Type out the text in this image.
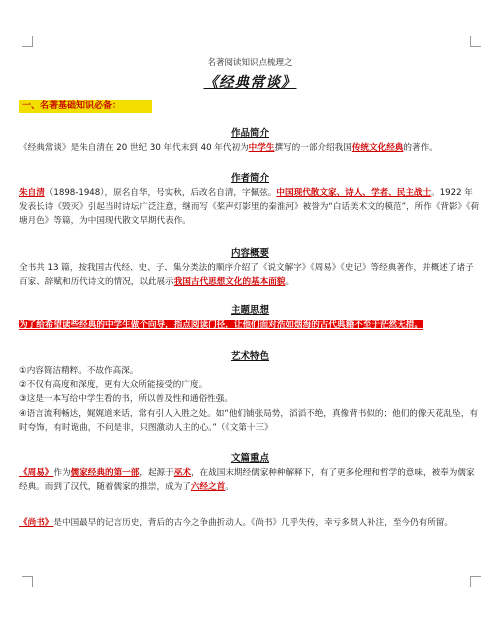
名著阅读知识点梳理之
《经典常谈》
一、名著基础知识必备：
作品简介
《经典常谈》是朱自清在 20 世纪 30 年代末到 40 年代初为中学生撰写的一部介绍我国传统文化经典的著作。
作者简介
朱自清（1898-1948），原名自华，号实秋，后改名自清，字佩弦。中国现代散文家、诗人、学者、民主战士。1922 年发表长诗《毁灭》引起当时诗坛广泛注意，继而写《桨声灯影里的秦淮河》被誉为“白话美术文的模范”，所作《背影》《荷塘月色》等篇，为中国现代散文早期代表作。
内容概要
全书共 13 篇，按我国古代经、史、子、集分类法的顺序介绍了《说文解字》《周易》《史记》等经典著作，并概述了诸子百家、辞赋和历代诗文的情况，以此展示我国古代思想文化的基本面貌。
主题思想
为了给希望读些经典的中学生做个向导，指点阅读门径，让他们面对浩如烟海的古代典籍不至于茫然无措。
艺术特色
①内容简洁精粹。不故作高深。
②不仅有高度和深度，更有大众所能接受的广度。
③这是一本写给中学生看的书，所以普及性和通俗性强。
④语言流利畅达，娓娓道来话，常有引人入胜之处。如“他们铺张局势，滔滔不绝，真像背书似的；他们的像天花乱坠，有时夸饰，有时诡曲，不问是非，只图激动人主的心。”（《文第十三》
文篇重点
《周易》作为儒家经典的第一部，起源于巫术，在战国末期经儒家种种解释下，有了更多伦理和哲学的意味，被奉为儒家经典。而到了汉代，随着儒家的推崇，成为了六经之首。
《尚书》是中国最早的记言历史，背后的古今之争曲折动人。《尚书》几乎失传，幸亏多贤人补注，至今仍有所留。
